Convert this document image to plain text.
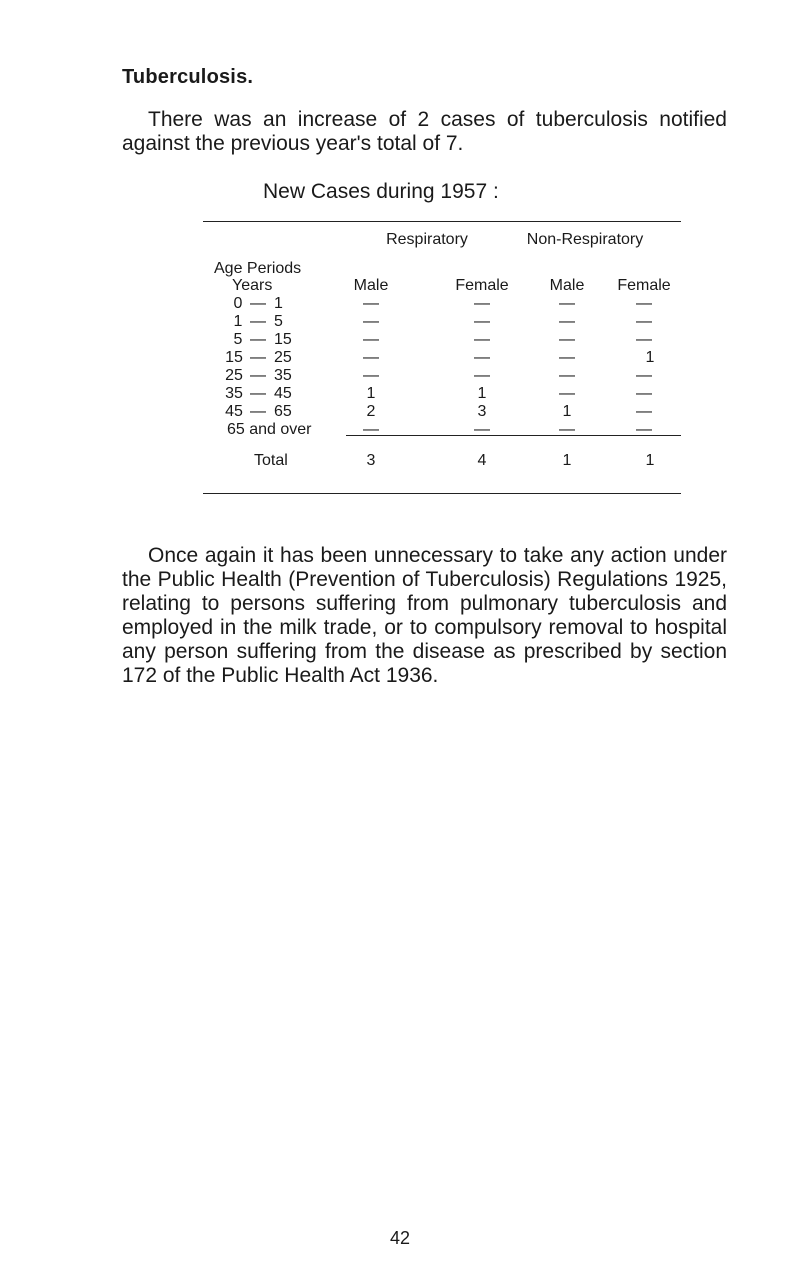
Tuberculosis.
There was an increase of 2 cases of tuberculosis notified against the previous year's total of 7.
New Cases during 1957 :
Respiratory	Non-Respiratory
Age Periods
Years	Male	Female	Male Female
0 — 1	—	—	—	—
1 — 5	—	—	—	—
5 — 15	—	—	—	—
15 — 25	—	—	—	1
25 — 35	—	—	—	—
35 — 45	1	1	—	—
45 — 65	2	3	1	—
65 and over	—	—	—	—
Total	3	4	1	1
Once again it has been unnecessary to take any action under the Public Health (Prevention of Tuberculosis) Regulations 1925, relating to persons suffering from pulmonary tuberculosis and employed in the milk trade, or to compulsory removal to hospital any person suffering from the disease as prescribed by section 172 of the Public Health Act 1936.
42
